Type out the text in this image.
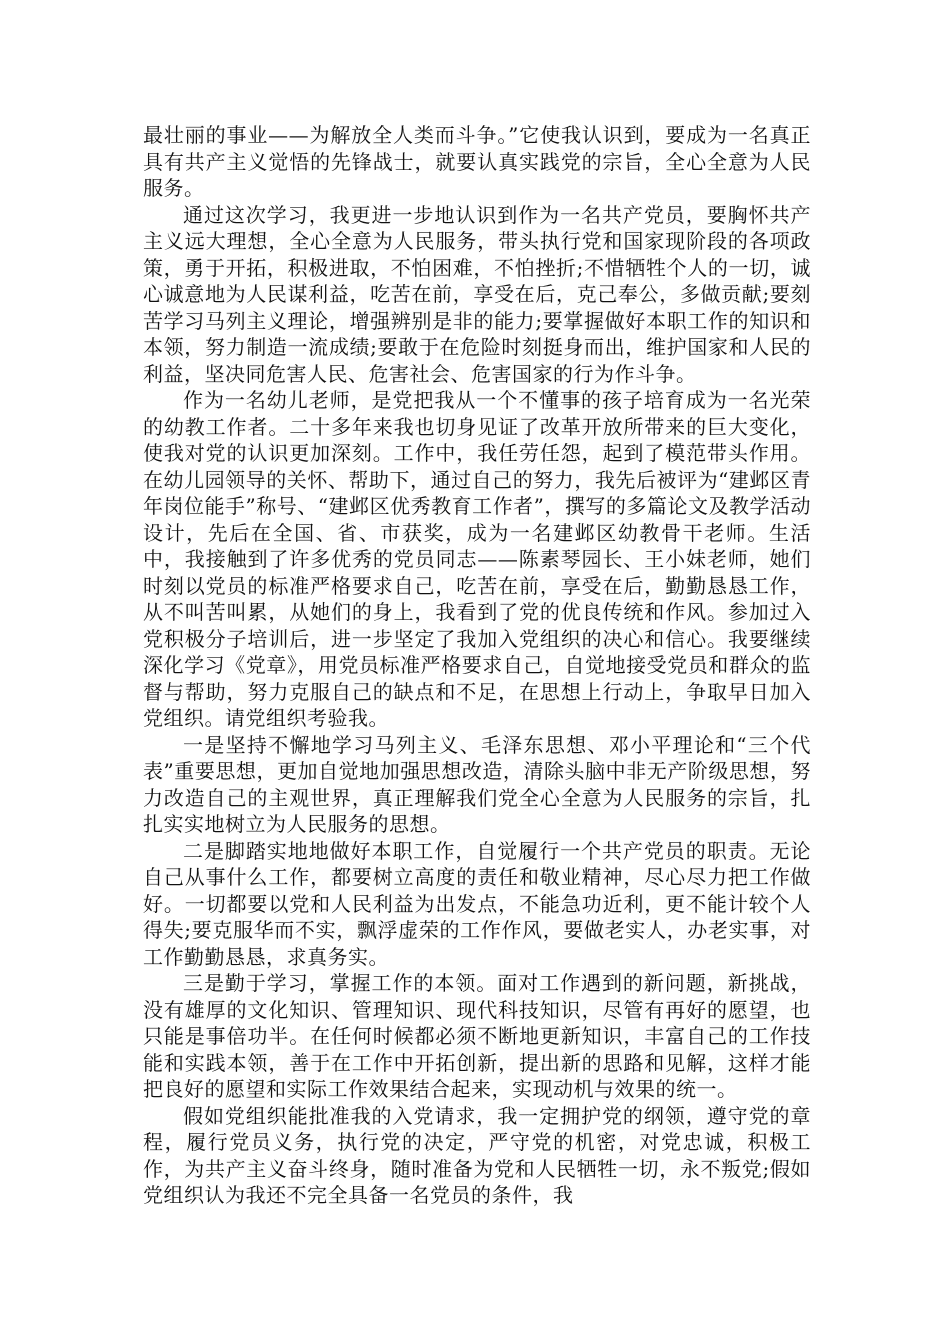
最壮丽的事业——为解放全人类而斗争。”它使我认识到，要成为一名真正具有共产主义觉悟的先锋战士，就要认真实践党的宗旨，全心全意为人民服务。

通过这次学习，我更进一步地认识到作为一名共产党员，要胸怀共产主义远大理想，全心全意为人民服务，带头执行党和国家现阶段的各项政策，勇于开拓，积极进取，不怕困难，不怕挫折;不惜牺牲个人的一切，诚心诚意地为人民谋利益，吃苦在前，享受在后，克己奉公，多做贡献;要刻苦学习马列主义理论，增强辨别是非的能力;要掌握做好本职工作的知识和本领，努力制造一流成绩;要敢于在危险时刻挺身而出，维护国家和人民的利益，坚决同危害人民、危害社会、危害国家的行为作斗争。

作为一名幼儿老师，是党把我从一个不懂事的孩子培育成为一名光荣的幼教工作者。二十多年来我也切身见证了改革开放所带来的巨大变化，使我对党的认识更加深刻。工作中，我任劳任怨，起到了模范带头作用。在幼儿园领导的关怀、帮助下，通过自己的努力，我先后被评为“建邺区青年岗位能手”称号、“建邺区优秀教育工作者”，撰写的多篇论文及教学活动设计，先后在全国、省、市获奖，成为一名建邺区幼教骨干老师。生活中，我接触到了许多优秀的党员同志——陈素琴园长、王小妹老师，她们时刻以党员的标准严格要求自己，吃苦在前，享受在后，勤勤恳恳工作，从不叫苦叫累，从她们的身上，我看到了党的优良传统和作风。参加过入党积极分子培训后，进一步坚定了我加入党组织的决心和信心。我要继续深化学习《党章》，用党员标准严格要求自己，自觉地接受党员和群众的监督与帮助，努力克服自己的缺点和不足，在思想上行动上，争取早日加入党组织。请党组织考验我。

一是坚持不懈地学习马列主义、毛泽东思想、邓小平理论和“三个代表”重要思想，更加自觉地加强思想改造，清除头脑中非无产阶级思想，努力改造自己的主观世界，真正理解我们党全心全意为人民服务的宗旨，扎扎实实地树立为人民服务的思想。

二是脚踏实地地做好本职工作，自觉履行一个共产党员的职责。无论自己从事什么工作，都要树立高度的责任和敬业精神，尽心尽力把工作做好。一切都要以党和人民利益为出发点，不能急功近利，更不能计较个人得失;要克服华而不实，飘浮虚荣的工作作风，要做老实人，办老实事，对工作勤勤恳恳，求真务实。

三是勤于学习，掌握工作的本领。面对工作遇到的新问题，新挑战，没有雄厚的文化知识、管理知识、现代科技知识，尽管有再好的愿望，也只能是事倍功半。在任何时候都必须不断地更新知识，丰富自己的工作技能和实践本领，善于在工作中开拓创新，提出新的思路和见解，这样才能把良好的愿望和实际工作效果结合起来，实现动机与效果的统一。

假如党组织能批准我的入党请求，我一定拥护党的纲领，遵守党的章程，履行党员义务，执行党的决定，严守党的机密，对党忠诚，积极工作，为共产主义奋斗终身，随时准备为党和人民牺牲一切，永不叛党;假如党组织认为我还不完全具备一名党员的条件，我
